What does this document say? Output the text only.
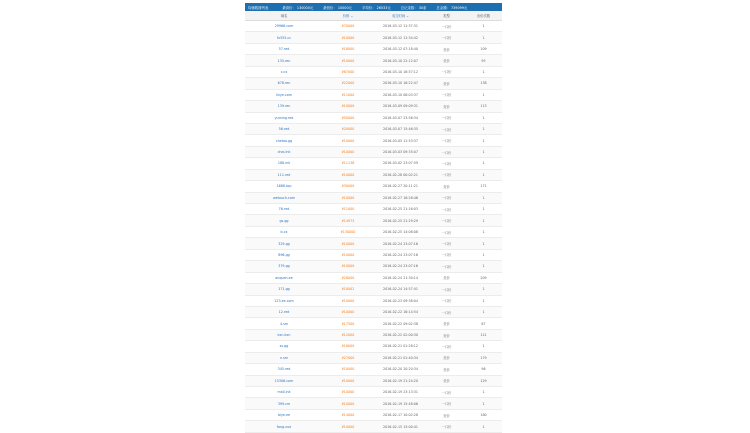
均価数據列表	最高价：130000元	最低价：10000元	平均价：26533元	总记录数：30条	总金额：739099元
域名	价格 ⌄	成交时间 ⌄	类型	出价次数
29966.com	¥70000	2016-03-12 11:37:31	一口价	1
fx555.cc	¥10000	2016-03-12 11:34:42	一口价	1
57.red	¥18000	2016-03-12 07:18:40	竞价	109
135.ren	¥10000	2016-03-10 22:12:07	竞价	95
c.cx	¥87000	2016-03-10 16:57:12	一口价	1
678.ren	¥22000	2016-03-10 16:22:47	竞价	138
linye.com	¥11000	2016-03-10 08:03:37	一口价	1
139.ren	¥10000	2016-03-09 09:09:31	竞价	113
yuming.red	¥50000	2016-03-07 23:56:34	一口价	1
56.red	¥20000	2016-03-07 15:46:35	一口价	1
chetao.gg	¥10000	2016-03-05 11:53:37	一口价	1
chai.ink	¥10000	2016-03-03 09:35:07	一口价	1
188.ink	¥11136	2016-03-02 23:07:59	一口价	1
111.red	¥10000	2016-02-28 00:02:21	一口价	1
1688.top	¥30000	2016-02-27 20:11:21	竞价	171
wetouch.com	¥10000	2016-02-27 16:28:46	一口价	1
76.red	¥11000	2016-02-25 21:16:03	一口价	1
gs.gg	¥14973	2016-02-25 21:29:29	一口价	1
b.cx	¥130000	2016-02-25 14:08:08	一口价	1
329.gg	¥10000	2016-02-24 23:07:16	一口价	1
896.gg	¥10000	2016-02-24 23:07:16	一口价	1
379.gg	¥10000	2016-02-24 23:07:16	一口价	1
anquan.ee	¥28000	2016-02-24 21:30:14	竞价	209
171.gg	¥10002	2016-02-24 14:57:41	一口价	1
123.ee.com	¥10000	2016-02-23 09:38:04	一口价	1
12.red	¥10000	2016-02-22 16:14:54	一口价	1
4.sm	¥17500	2016-02-22 09:02:38	竞价	87
kxn.kxn	¥12000	2016-02-22 02:00:30	竞价	111
ss.gg	¥16000	2016-02-21 01:28:12	一口价	1
n.sm	¥27000	2016-02-21 01:40:34	竞价	179
345.red	¥10000	2016-02-20 20:20:34	竞价	96
15306.com	¥10000	2016-02-19 21:24:20	竞价	129
mall.ink	¥10000	2016-02-19 23:13:31	一口价	1
399.cm	¥10000	2016-02-19 15:48:06	一口价	1
biye.ee	¥14000	2016-02-17 10:02:28	竞价	180
fang.xue	¥10000	2016-02-15 15:00:41	一口价	1
